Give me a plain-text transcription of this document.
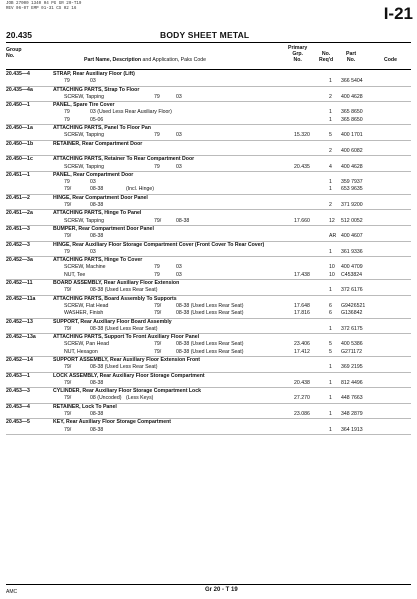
JOB 27000 1340 04 PG GR 20-T19
REV 06-07 EMP 01-31 CS 02 16	I-21
20.435	BODY SHEET METAL
Group
No.
Part Name, Description and Application, Paks Code
Primary
Grp.
No.
No.
Req'd
Part
No.	Code
20.435—4	STRAP, Rear Auxiliary Floor (Lift)
79	03	1 366 5404
20.435—4a	ATTACHING PARTS, Strap To Floor
SCREW, Tapping	79	03	2 400 4628
20.450—1	PANEL, Spare Tire Cover
79	03 (Used Less Rear Auxiliary Floor)	1 365 8650
79	05-06	1 365 8650
20.450—1a	ATTACHING PARTS, Panel To Floor Pan
SCREW, Tapping	79	03	15.320	5 400 1701
20.450—1b	RETAINER, Rear Compartment Door
2 400 6082
20.450—1c	ATTACHING PARTS, Retainer To Rear Compartment Door
SCREW, Tapping	79	03	20.435	4 400 4628
20.451—1	PANEL, Rear Compartment Door
79	03	1 359 7937
79/	08-38	(Incl. Hinge)	1 653 9635
20.451—2	HINGE, Rear Compartment Door Panel
79/	08-38	2 371 9200
20.451—2a	ATTACHING PARTS, Hinge To Panel
SCREW, Tapping	79/	08-38	17.660	12 512 0052
20.451—3	BUMPER, Rear Compartment Door Panel
79/	08-38	AR 400 4607
20.452—3	HINGE, Rear Auxiliary Floor Storage Compartment Cover (Front Cover To Rear Cover)
79	03	1 361 9336
20.452—3a	ATTACHING PARTS, Hinge To Cover
SCREW, Machine	79	03	10 400 4709
NUT, Tee	79	03	17.438	10 C453824
20.452—11	BOARD ASSEMBLY, Rear Auxiliary Floor Extension
79/	08-38 (Used Less Rear Seat)	1 372 6176
20.452—11a	ATTACHING PARTS, Board Assembly To Supports
SCREW, Flat Head	79/	08-38 (Used Less Rear Seat)	17.648	6 G9426521
WASHER, Finish	79/	08-38 (Used Less Rear Seat)	17.816	6 G136842
20.452—13	SUPPORT, Rear Auxiliary Floor Board Assembly
79/	08-38 (Used Less Rear Seat)	1 372 6175
20.452—13a	ATTACHING PARTS, Support To Front Auxiliary Floor Panel
SCREW, Pan Head	79/	08-38 (Used Less Rear Seat)	23.406	5 400 5386
NUT, Hexagon	79/	08-38 (Used Less Rear Seat)	17.412	5 G271172
20.452—14	SUPPORT ASSEMBLY, Rear Auxiliary Floor Extension Front
79/	08-38 (Used Less Rear Seat)	1 369 2195
20.453—1	LOCK ASSEMBLY, Rear Auxiliary Floor Storage Compartment
79/	08-38	20.438	1 812 4496
20.453—3	CYLINDER, Rear Auxiliary Floor Storage Compartment Lock
79/	08 (Uncoded) (Less Keys)	27.270	1 448 7663
20.453—4	RETAINER, Lock To Panel
79/	08-38	23.086	1 348 2879
20.453—5	KEY, Rear Auxiliary Floor Storage Compartment
79/	08-38	1 364 1913
AMC	Gr 20 - T 19
